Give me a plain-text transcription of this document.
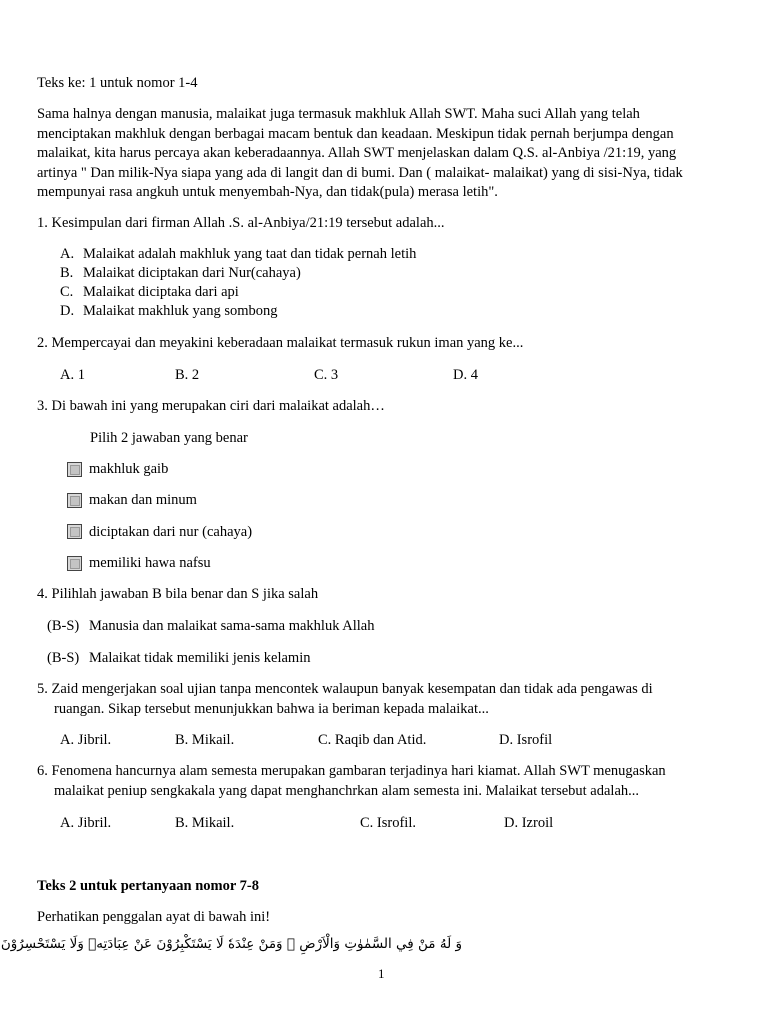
Teks ke: 1 untuk nomor 1-4
Sama halnya dengan manusia, malaikat juga termasuk makhluk Allah SWT. Maha suci Allah yang telah
menciptakan makhluk dengan berbagai macam bentuk dan keadaan. Meskipun tidak pernah berjumpa dengan
malaikat, kita harus percaya akan keberadaannya. Allah SWT menjelaskan dalam Q.S. al-Anbiya /21:19, yang
artinya " Dan milik-Nya siapa yang ada di langit dan di bumi. Dan ( malaikat- malaikat) yang di sisi-Nya, tidak
mempunyai rasa angkuh untuk menyembah-Nya, dan tidak(pula) merasa letih".
1. Kesimpulan dari firman Allah .S. al-Anbiya/21:19 tersebut adalah...
A. Malaikat adalah makhluk yang taat dan tidak pernah letih
B. Malaikat diciptakan dari Nur(cahaya)
C. Malaikat diciptaka dari api
D. Malaikat makhluk yang sombong
2. Mempercayai dan meyakini keberadaan malaikat termasuk rukun iman yang ke...
A. 1	B. 2	C. 3	D. 4
3. Di bawah ini yang merupakan ciri dari malaikat adalah…
Pilih 2 jawaban yang benar
makhluk gaib
makan dan minum
diciptakan dari nur (cahaya)
memiliki hawa nafsu
4. Pilihlah jawaban B bila benar dan S jika salah
(B-S) Manusia dan malaikat sama-sama makhluk Allah
(B-S) Malaikat tidak memiliki jenis kelamin
5. Zaid mengerjakan soal ujian tanpa mencontek walaupun banyak kesempatan dan tidak ada pengawas di
ruangan. Sikap tersebut menunjukkan bahwa ia beriman kepada malaikat...
A. Jibril.	B. Mikail.	C. Raqib dan Atid.	D. Isrofil
6. Fenomena hancurnya alam semesta merupakan gambaran terjadinya hari kiamat. Allah SWT menugaskan
malaikat peniup sengkakala yang dapat menghanchrkan alam semesta ini. Malaikat tersebut adalah...
A. Jibril.	B. Mikail.	C. Isrofil.	D. Izroil
Teks 2 untuk pertanyaan nomor 7-8
Perhatikan penggalan ayat di bawah ini!
وَ لَهُ مَنْ فِي السَّمٰوٰتِ وَالْاَرْضِ ۗ وَمَنْ عِنْدَهٗ لَا يَسْتَكْبِرُوْنَ عَنْ عِبَادَتِهٖ وَلَا يَسْتَحْسِرُوْنَ
1
